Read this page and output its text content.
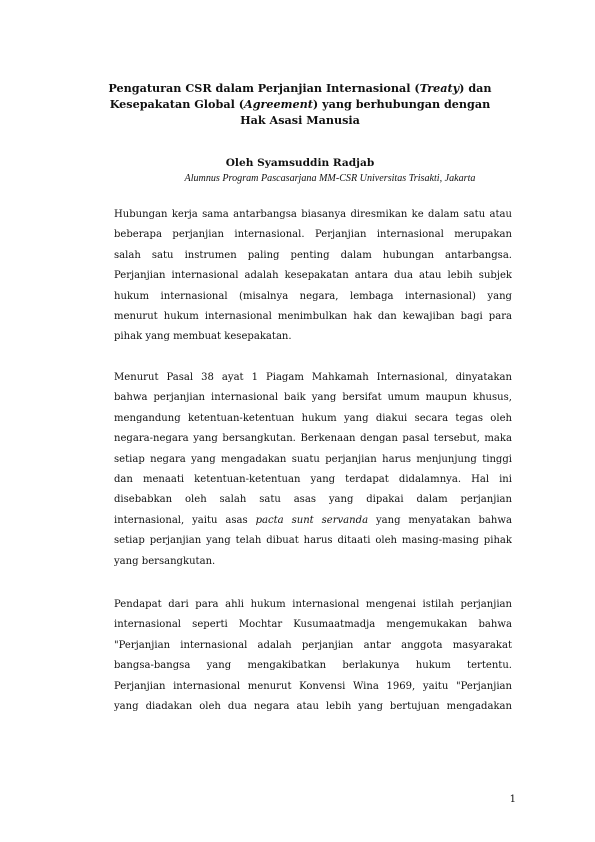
Pengaturan CSR dalam Perjanjian Internasional (Treaty) dan
Kesepakatan Global (Agreement) yang berhubungan dengan
Hak Asasi Manusia

Oleh Syamsuddin Radjab

Alumnus Program Pascasarjana MM-CSR Universitas Trisakti, Jakarta

Hubungan kerja sama antarbangsa biasanya diresmikan ke dalam satu atau
beberapa perjanjian internasional. Perjanjian internasional merupakan
salah satu instrumen paling penting dalam hubungan antarbangsa.
Perjanjian internasional adalah kesepakatan antara dua atau lebih subjek
hukum internasional (misalnya negara, lembaga internasional) yang
menurut hukum internasional menimbulkan hak dan kewajiban bagi para
pihak yang membuat kesepakatan.
Menurut Pasal 38 ayat 1 Piagam Mahkamah Internasional, dinyatakan
bahwa perjanjian internasional baik yang bersifat umum maupun khusus,
mengandung ketentuan-ketentuan hukum yang diakui secara tegas oleh
negara-negara yang bersangkutan. Berkenaan dengan pasal tersebut, maka
setiap negara yang mengadakan suatu perjanjian harus menjunjung tinggi
dan menaati ketentuan-ketentuan yang terdapat didalamnya. Hal ini
disebabkan oleh salah satu asas yang dipakai dalam perjanjian
internasional, yaitu asas pacta sunt servanda yang menyatakan bahwa
setiap perjanjian yang telah dibuat harus ditaati oleh masing-masing pihak
yang bersangkutan.
Pendapat dari para ahli hukum internasional mengenai istilah perjanjian
internasional seperti Mochtar Kusumaatmadja mengemukakan bahwa
"Perjanjian internasional adalah perjanjian antar anggota masyarakat
bangsa-bangsa yang mengakibatkan berlakunya hukum tertentu.
Perjanjian internasional menurut Konvensi Wina 1969, yaitu "Perjanjian
yang diadakan oleh dua negara atau lebih yang bertujuan mengadakan

1
